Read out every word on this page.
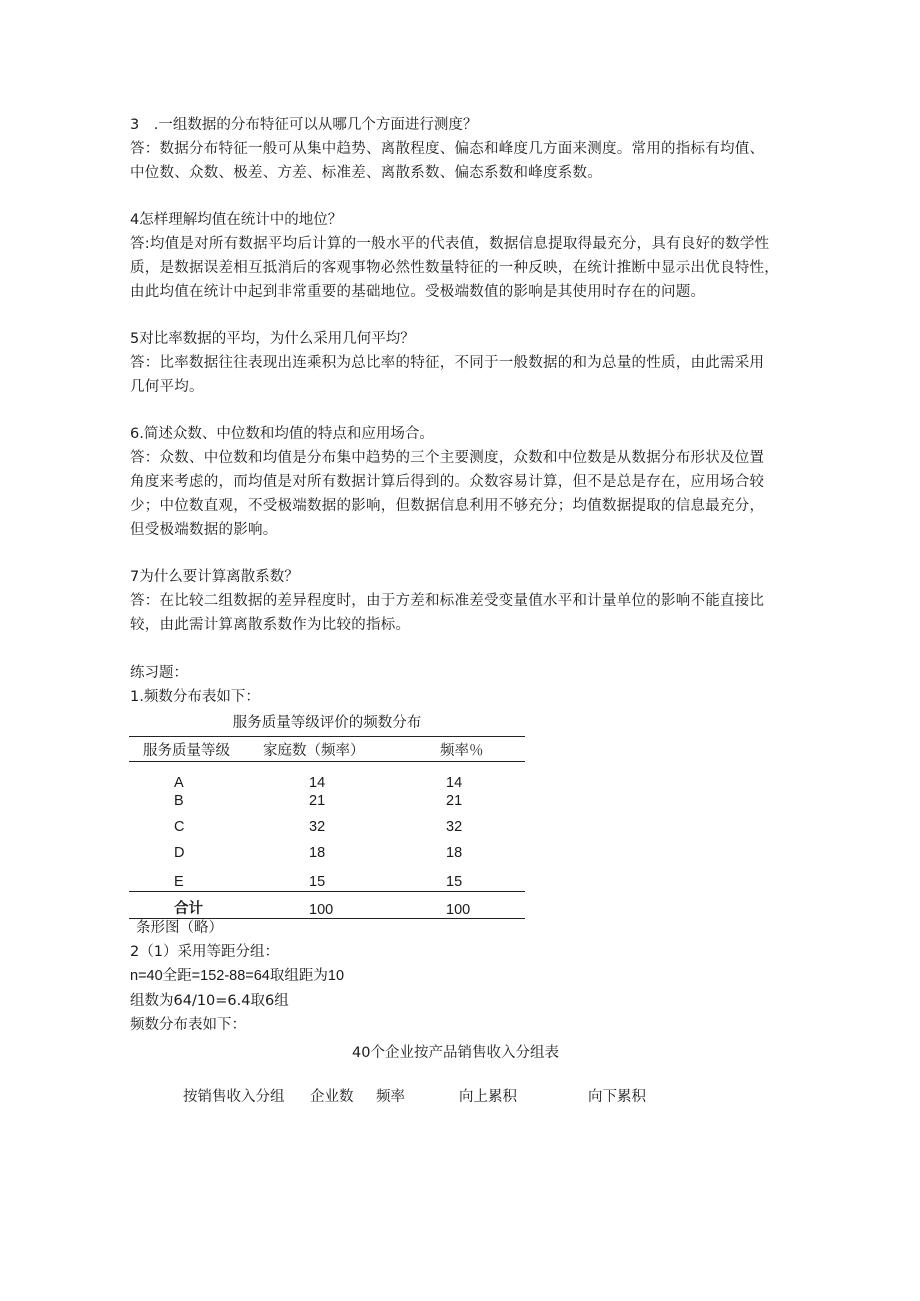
3　.一组数据的分布特征可以从哪几个方面进行测度？
答：数据分布特征一般可从集中趋势、离散程度、偏态和峰度几方面来测度。常用的指标有均值、
中位数、众数、极差、方差、标准差、离散系数、偏态系数和峰度系数。
4怎样理解均值在统计中的地位？
答:均值是对所有数据平均后计算的一般水平的代表值，数据信息提取得最充分，具有良好的数学性
质，是数据误差相互抵消后的客观事物必然性数量特征的一种反映，在统计推断中显示出优良特性，
由此均值在统计中起到非常重要的基础地位。受极端数值的影响是其使用时存在的问题。
5对比率数据的平均，为什么采用几何平均？
答：比率数据往往表现出连乘积为总比率的特征，不同于一般数据的和为总量的性质，由此需采用
几何平均。
6.简述众数、中位数和均值的特点和应用场合。
答：众数、中位数和均值是分布集中趋势的三个主要测度，众数和中位数是从数据分布形状及位置
角度来考虑的，而均值是对所有数据计算后得到的。众数容易计算，但不是总是存在，应用场合较
少；中位数直观，不受极端数据的影响，但数据信息利用不够充分；均值数据提取的信息最充分，
但受极端数据的影响。
7为什么要计算离散系数？
答：在比较二组数据的差异程度时，由于方差和标准差受变量值水平和计量单位的影响不能直接比
较，由此需计算离散系数作为比较的指标。
练习题：
1.频数分布表如下：
服务质量等级评价的频数分布
服务质量等级 家庭数（频率）	频率％
A	14	14
B	21	21
C	32	32
D	18	18
E	15	15
合计	100	100
条形图（略）
2（1）采用等距分组：
n=40全距=152-88=64取组距为10
组数为64/10=6.4取6组
频数分布表如下：
40个企业按产品销售收入分组表
按销售收入分组 企业数 频率	向上累积	向下累积
